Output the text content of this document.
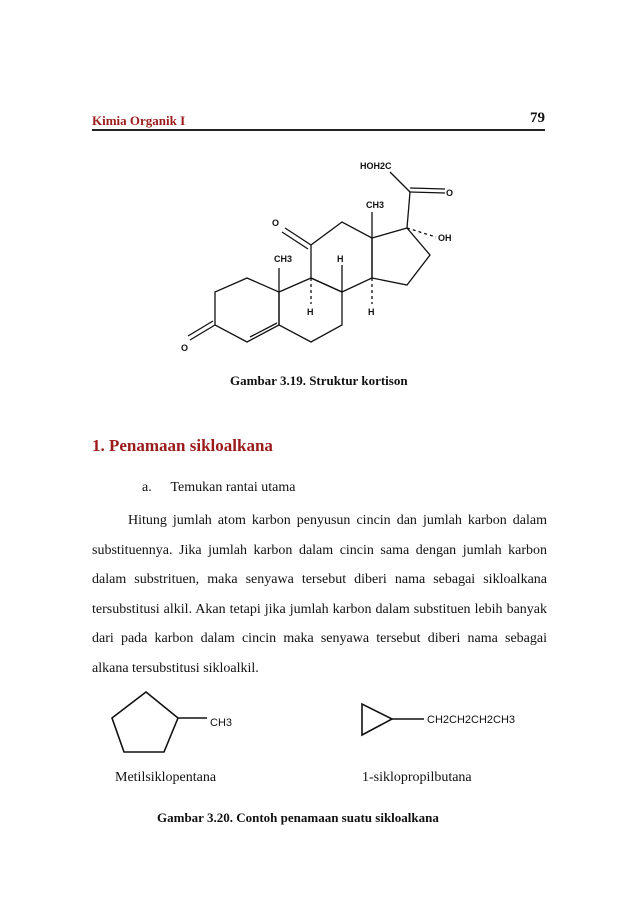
Kimia Organik I	79
HOH2C
O
CH3
O
OH
CH3	H
H	H
O
CH3	CH2CH2CH2CH3
Gambar 3.19. Struktur kortison
1. Penamaan sikloalkana
a. Temukan rantai utama
Hitung jumlah atom karbon penyusun cincin dan jumlah karbon dalam substituennya. Jika jumlah karbon dalam cincin sama dengan jumlah karbon dalam substrituen, maka senyawa tersebut diberi nama sebagai sikloalkana tersubstitusi alkil. Akan tetapi jika jumlah karbon dalam substituen lebih banyak dari pada karbon dalam cincin maka senyawa tersebut diberi nama sebagai alkana tersubstitusi sikloalkil.
Metilsiklopentana	1-siklopropilbutana
Gambar 3.20. Contoh penamaan suatu sikloalkana
